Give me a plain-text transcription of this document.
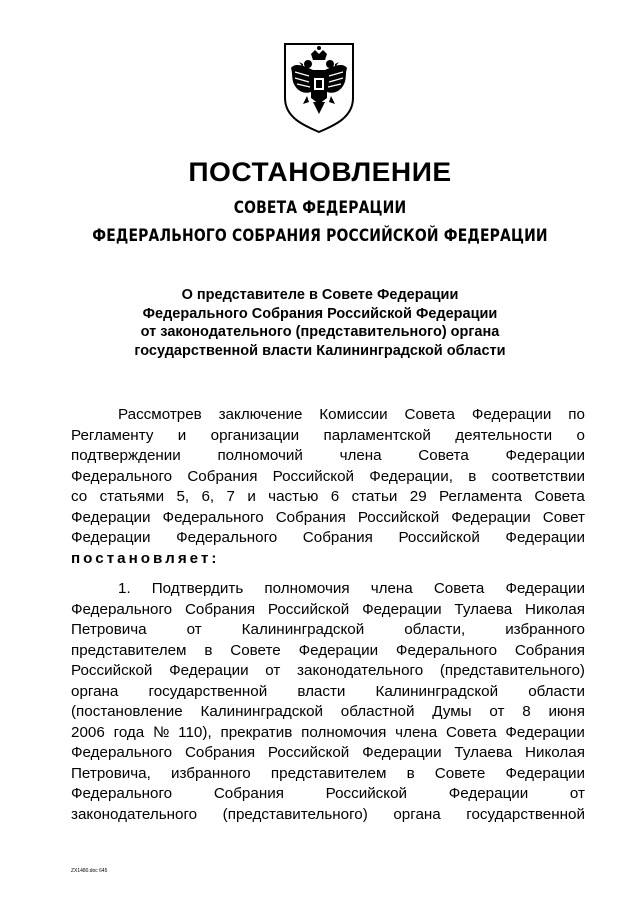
ПОСТАНОВЛЕНИЕ
СОВЕТА ФЕДЕРАЦИИ
ФЕДЕРАЛЬНОГО СОБРАНИЯ РОССИЙСКОЙ ФЕДЕРАЦИИ
О представителе в Совете Федерации
Федерального Собрания Российской Федерации
от законодательного (представительного) органа
государственной власти Калининградской области
Рассмотрев заключение Комиссии Совета Федерации по
Регламенту и организации парламентской деятельности о
подтверждении полномочий члена Совета Федерации
Федерального Собрания Российской Федерации, в соответствии
со статьями 5, 6, 7 и частью 6 статьи 29 Регламента Совета
Федерации Федерального Собрания Российской Федерации Совет
Федерации Федерального Собрания Российской Федерации
постановляет:
1. Подтвердить полномочия члена Совета Федерации
Федерального Собрания Российской Федерации Тулаева Николая
Петровича	от	Калининградской	области,	избранного
представителем в Совете Федерации Федерального Собрания
Российской Федерации от законодательного (представительного)
органа государственной власти Калининградской области
(постановление Калининградской областной Думы от 8 июня
2006 года № 110), прекратив полномочия члена Совета Федерации
Федерального Собрания Российской Федерации Тулаева Николая
Петровича, избранного представителем в Совете Федерации
Федерального	Собрания	Российской	Федерации	от
законодательного (представительного) органа государственной
ZX1480.doc 645
